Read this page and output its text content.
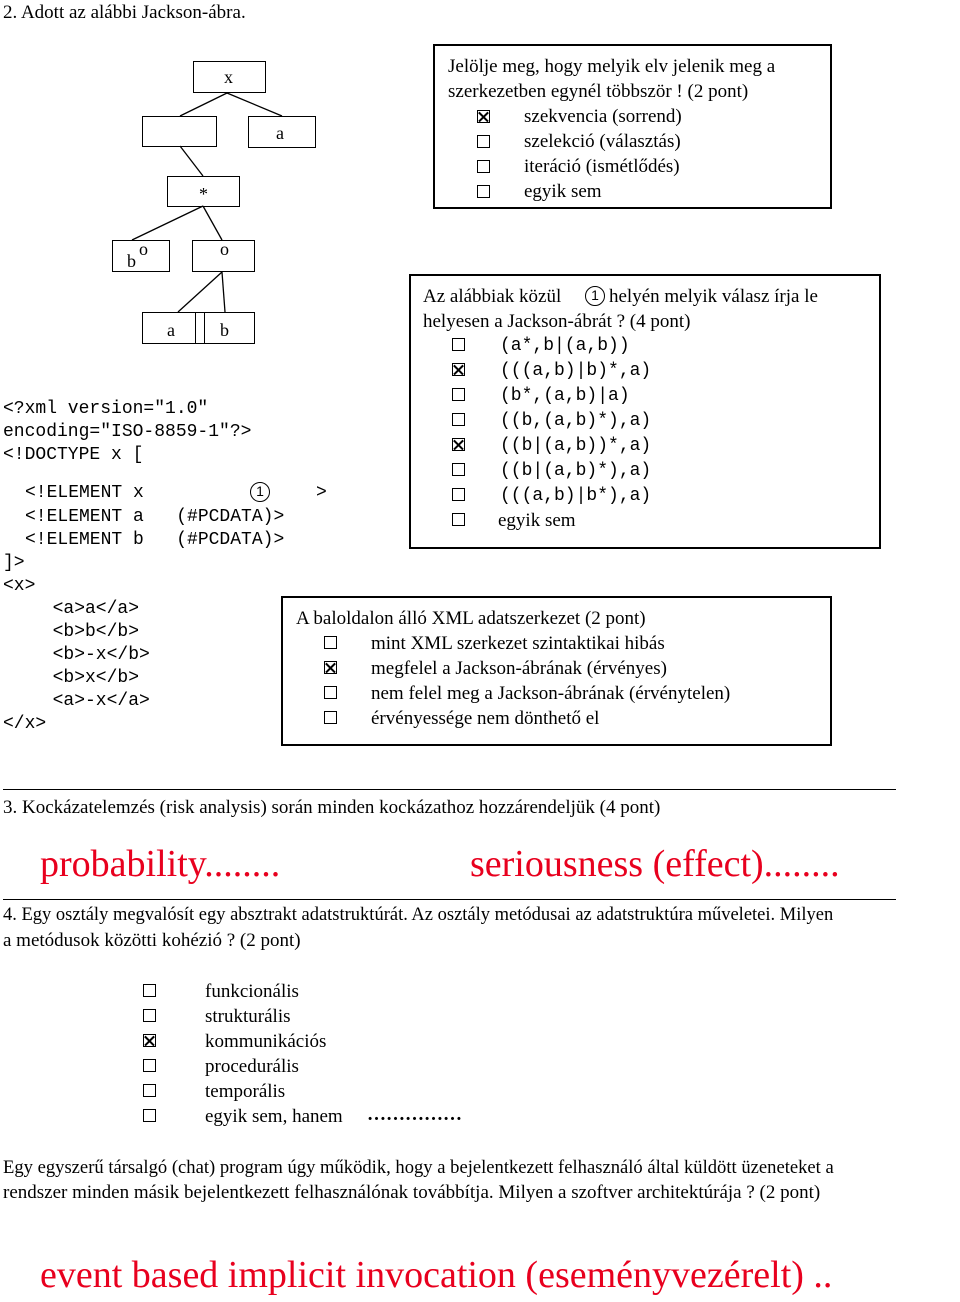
2. Adott az alábbi Jackson-ábra.
x
a
*
b
o	o
a	b
<?xml version="1.0"
encoding="ISO-8859-1"?>
<!DOCTYPE x [
<!ELEMENT x	1	>
<!ELEMENT a   (#PCDATA)>
<!ELEMENT b   (#PCDATA)>
]>
<x>
<a>a</a>
<b>b</b>
<b>-x</b>
<b>x</b>
<a>-x</a>
</x>
Jelölje meg, hogy melyik elv jelenik meg a
szerkezetben egynél többször ! (2 pont)
szekvencia (sorrend)
szelekció (választás)
iteráció (ismétlődés)
egyik sem
Az alábbiak közül	1 helyén melyik válasz írja le
helyesen a Jackson-ábrát ? (4 pont)
(a*,b|(a,b))
(((a,b)|b)*,a)
(b*,(a,b)|a)
((b,(a,b)*),a)
((b|(a,b))*,a)
((b|(a,b)*),a)
(((a,b)|b*),a)
egyik sem
A baloldalon álló XML adatszerkezet (2 pont)
mint XML szerkezet szintaktikai hibás
megfelel a Jackson-ábrának (érvényes)
nem felel meg a Jackson-ábrának (érvénytelen)
érvényessége nem dönthető el
3. Kockázatelemzés (risk analysis) során minden kockázathoz hozzárendeljük (4 pont)
probability........	seriousness (effect)........
4. Egy osztály megvalósít egy absztrakt adatstruktúrát. Az osztály metódusai az adatstruktúra műveletei. Milyen
a metódusok közötti kohézió ? (2 pont)
funkcionális
strukturális
kommunikációs
procedurális
temporális
egyik sem, hanem ……………
Egy egyszerű társalgó (chat) program úgy működik, hogy a bejelentkezett felhasználó által küldött üzeneteket a
rendszer minden másik bejelentkezett felhasználónak továbbítja. Milyen a szoftver architektúrája ? (2 pont)
event based implicit invocation (eseményvezérelt) ..
